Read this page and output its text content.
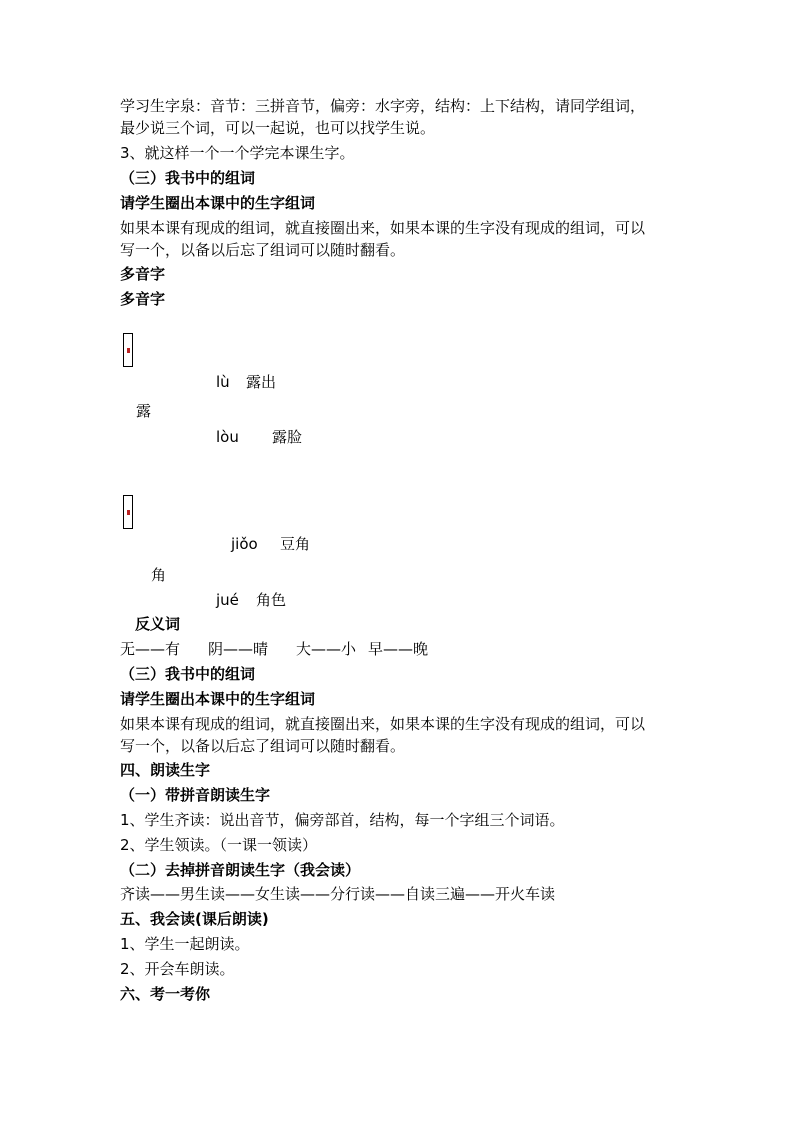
学习生字泉：音节：三拼音节，偏旁：水字旁，结构：上下结构，请同学组词，
最少说三个词，可以一起说，也可以找学生说。
3、就这样一个一个学完本课生字。
（三）我书中的组词
请学生圈出本课中的生字组词
如果本课有现成的组词，就直接圈出来，如果本课的生字没有现成的组词，可以
写一个，以备以后忘了组词可以随时翻看。
多音字
多音字
lù 露出
露
lòu 露脸
jiǒo 豆角
角
jué 角色
反义词
无——有 阴——晴 大——小 早——晚
（三）我书中的组词
请学生圈出本课中的生字组词
如果本课有现成的组词，就直接圈出来，如果本课的生字没有现成的组词，可以
写一个，以备以后忘了组词可以随时翻看。
四、朗读生字
（一）带拼音朗读生字
1、学生齐读：说出音节，偏旁部首，结构，每一个字组三个词语。
2、学生领读。（一课一领读）
（二）去掉拼音朗读生字（我会读）
齐读——男生读——女生读——分行读——自读三遍——开火车读
五、我会读(课后朗读)
1、学生一起朗读。
2、开会车朗读。
六、考一考你
